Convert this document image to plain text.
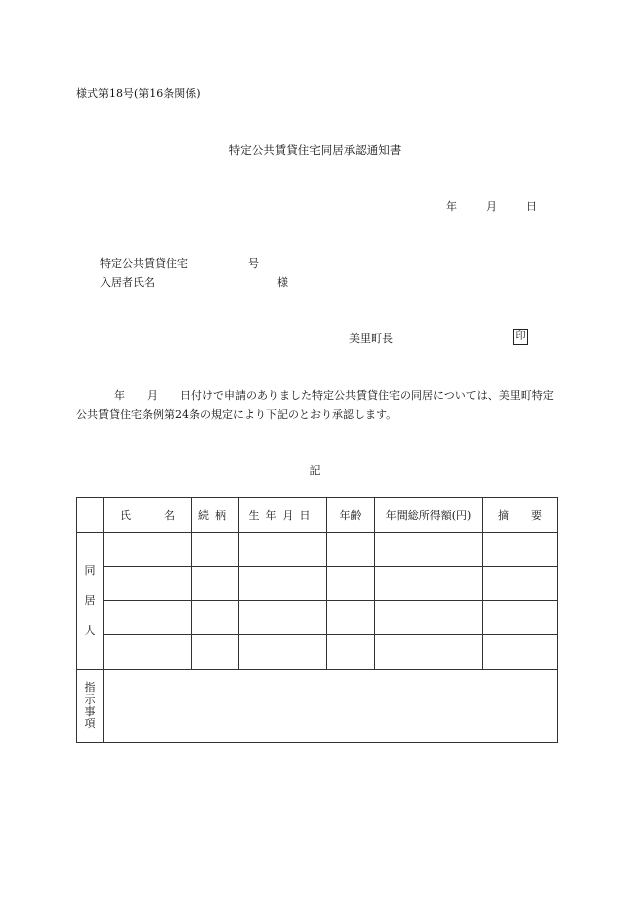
様式第18号(第16条関係)
特定公共賃貸住宅同居承認通知書
年	月	日
特定公共賃貸住宅	号
入居者氏名	様
美里町長	印
年 月 日付けで申請のありました特定公共賃貸住宅の同居については、美里町特定公共賃貸住宅条例第24条の規定により下記のとおり承認します。
記
	氏　　　名	続柄	生年月日	年齢	年間総所得額(円)	摘　　要
同居人						

指示事項						
